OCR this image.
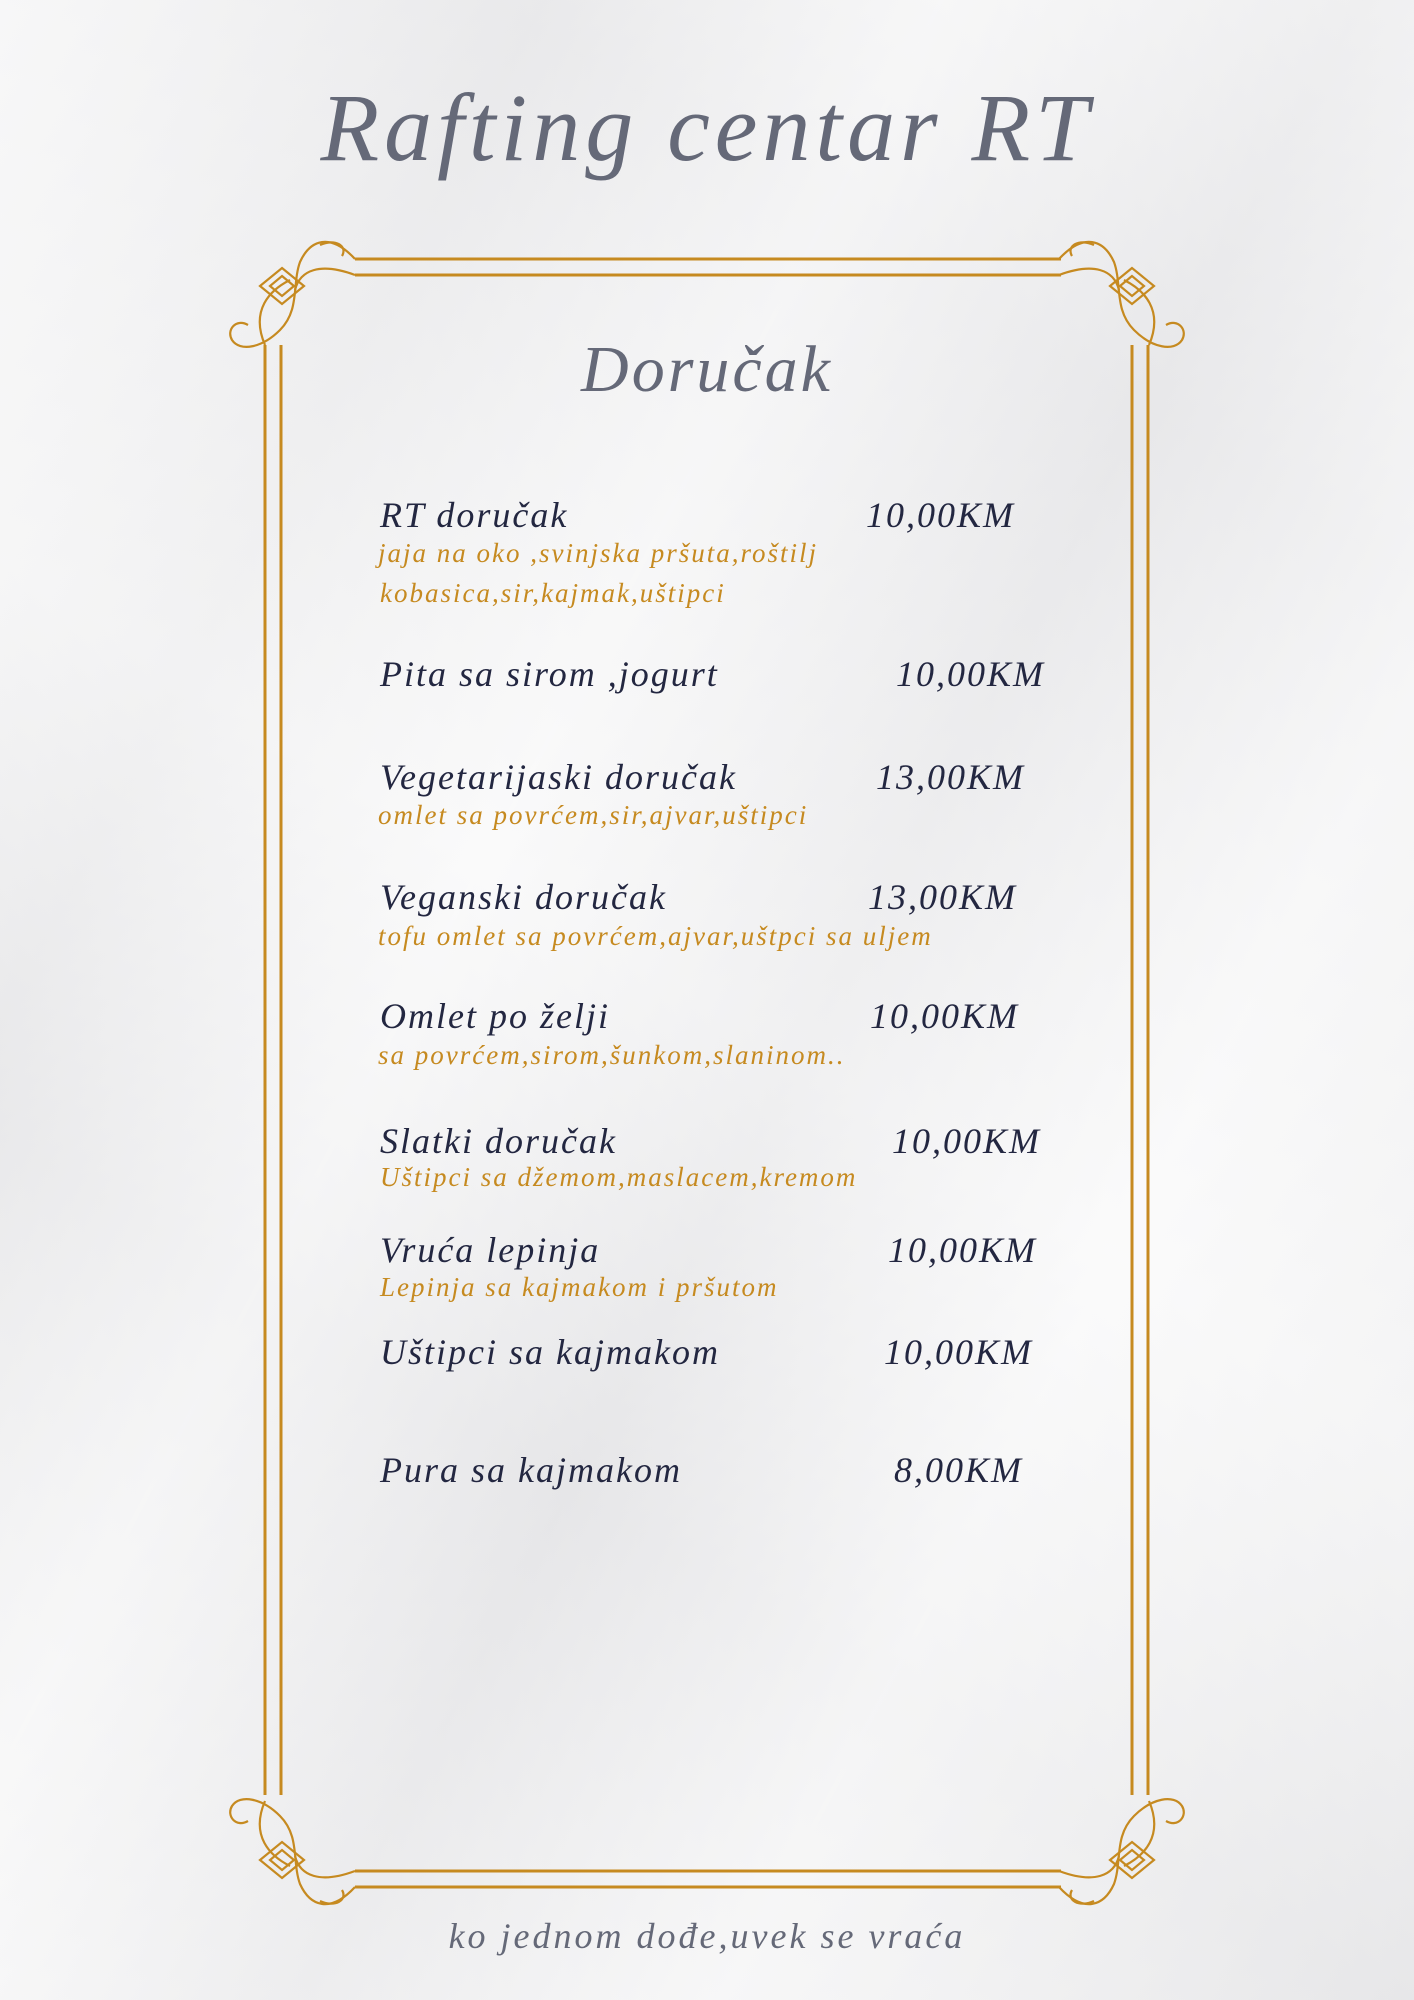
Rafting centar RT
Doručak
RT doručak	10,00KM
jaja na oko ,svinjska pršuta,roštilj
kobasica,sir,kajmak,uštipci
Pita sa sirom ,jogurt	10,00KM
Vegetarijaski doručak	13,00KM
omlet sa povrćem,sir,ajvar,uštipci
Veganski doručak	13,00KM
tofu omlet sa povrćem,ajvar,uštpci sa uljem
Omlet po želji	10,00KM
sa povrćem,sirom,šunkom,slaninom..
Slatki doručak	10,00KM
Uštipci sa džemom,maslacem,kremom
Vruća lepinja	10,00KM
Lepinja sa kajmakom i pršutom
Uštipci sa kajmakom	10,00KM
Pura sa kajmakom	8,00KM
ko jednom dođe,uvek se vraća
